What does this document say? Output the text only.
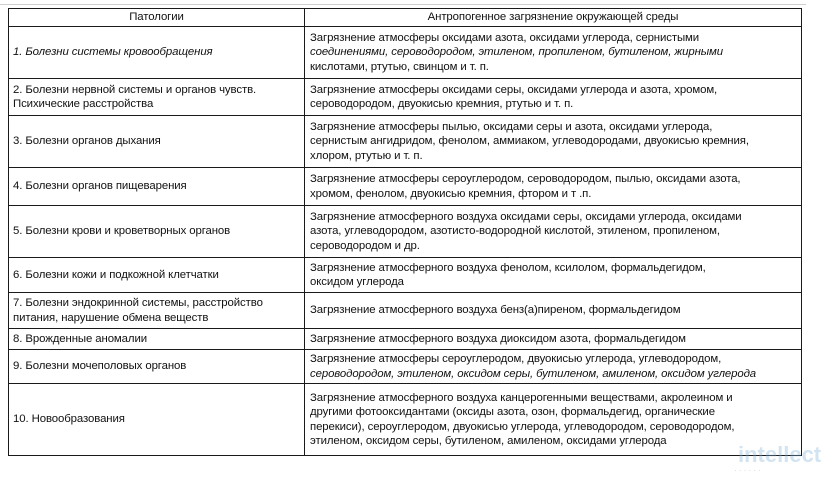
Патологии	Антропогенное загрязнение окружающей среды
1. Болезни системы кровообращения	Загрязнение атмосферы оксидами азота, оксидами углерода, сернистыми
соединениями, сероводородом, этиленом, пропиленом, бутиленом, жирными
кислотами, ртутью, свинцом и т. п.

2. Болезни нервной системы и органов чувств. Психические расстройства	Загрязнение атмосферы оксидами серы, оксидами углерода и азота, хромом,
сероводородом, двуокисью кремния, ртутью и т. п.

3. Болезни органов дыхания	Загрязнение атмосферы пылью, оксидами серы и азота, оксидами углерода,
сернистым ангидридом, фенолом, аммиаком, углеводородами, двуокисью кремния,
хлором, ртутью и т. п.

4. Болезни органов пищеварения	Загрязнение атмосферы сероуглеродом, сероводородом, пылью, оксидами азота,
хромом, фенолом, двуокисью кремния, фтором и т .п.

5. Болезни крови и кроветворных органов	Загрязнение атмосферного воздуха оксидами серы, оксидами углерода, оксидами
азота, углеводородом, азотисто-водородной кислотой, этиленом, пропиленом,
сероводородом и др.

6. Болезни кожи и подкожной клетчатки	Загрязнение атмосферного воздуха фенолом, ксилолом, формальдегидом,
оксидом углерода

7. Болезни эндокринной системы, расстройство питания, нарушение обмена веществ	Загрязнение атмосферного воздуха бенз(а)пиреном, формальдегидом

8. Врожденные аномалии	Загрязнение атмосферного воздуха диоксидом азота, формальдегидом

9. Болезни мочеполовых органов	Загрязнение атмосферы сероуглеродом, двуокисью углерода, углеводородом,
сероводородом, этиленом, оксидом серы, бутиленом, амиленом, оксидом углерода

10. Новообразования	Загрязнение атмосферного воздуха канцерогенными веществами, акролеином и
другими фотооксидантами (оксиды азота, озон, формальдегид, органические
перекиси), сероуглеродом, двуокисью углерода, углеводородом, сероводородом,
этиленом, оксидом серы, бутиленом, амиленом, оксидами углерода
intellect
· · · · · ·
